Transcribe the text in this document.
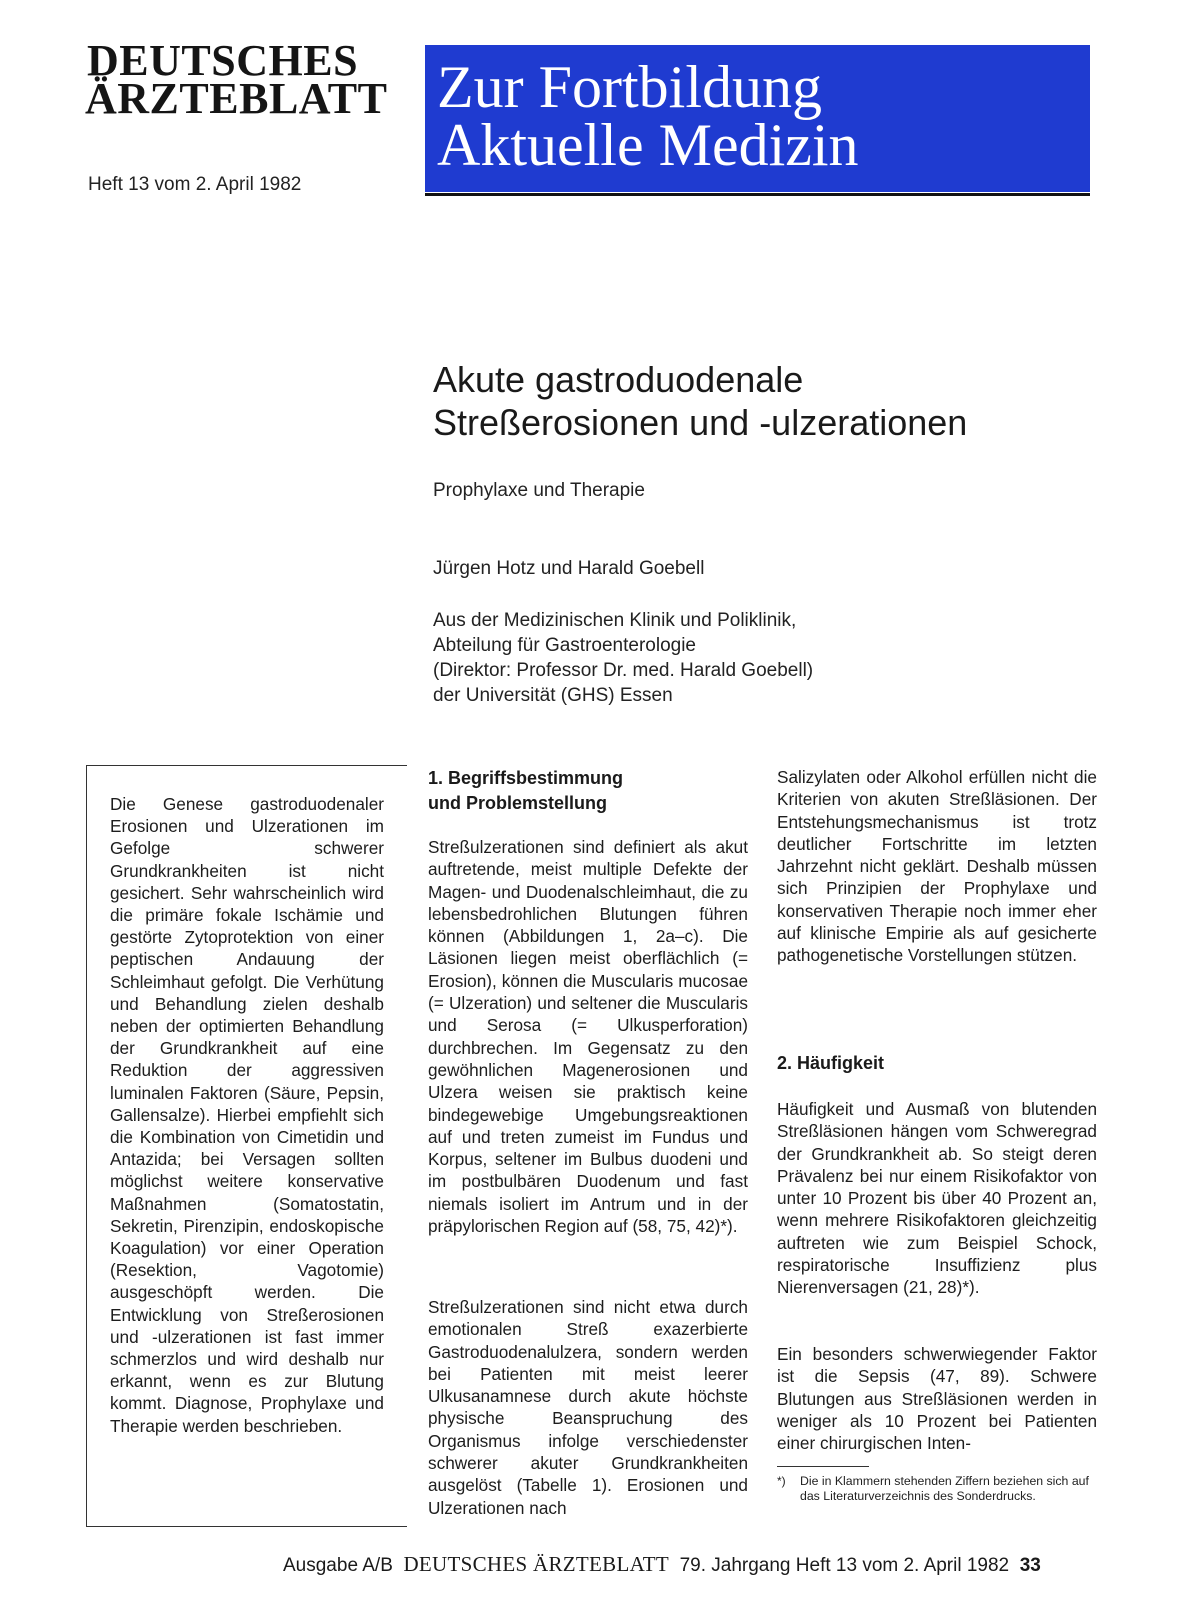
DEUTSCHES
ÄRZTEBLATT
Heft 13 vom 2. April 1982
Zur Fortbildung
Aktuelle Medizin
Akute gastroduodenale
Streßerosionen und -ulzerationen
Prophylaxe und Therapie
Jürgen Hotz und Harald Goebell
Aus der Medizinischen Klinik und Poliklinik,
Abteilung für Gastroenterologie
(Direktor: Professor Dr. med. Harald Goebell)
der Universität (GHS) Essen
Die Genese gastroduodenaler Erosionen und Ulzerationen im Gefolge schwerer Grundkrankheiten ist nicht gesichert. Sehr wahrscheinlich wird die primäre fokale Ischämie und gestörte Zytoprotektion von einer peptischen Andauung der Schleimhaut gefolgt. Die Verhütung und Behandlung zielen deshalb neben der optimierten Behandlung der Grundkrankheit auf eine Reduktion der aggressiven luminalen Faktoren (Säure, Pepsin, Gallensalze). Hierbei empfiehlt sich die Kombination von Cimetidin und Antazida; bei Versagen sollten möglichst weitere konservative Maßnahmen (Somatostatin, Sekretin, Pirenzipin, endoskopische Koagulation) vor einer Operation (Resektion, Vagotomie) ausgeschöpft werden. Die Entwicklung von Streßerosionen und -ulzerationen ist fast immer schmerzlos und wird deshalb nur erkannt, wenn es zur Blutung kommt. Diagnose, Prophylaxe und Therapie werden beschrieben.
1. Begriffsbestimmung
und Problemstellung
Streßulzerationen sind definiert als akut auftretende, meist multiple Defekte der Magen- und Duodenalschleimhaut, die zu lebensbedrohlichen Blutungen führen können (Abbildungen 1, 2a–c). Die Läsionen liegen meist oberflächlich (= Erosion), können die Muscularis mucosae (= Ulzeration) und seltener die Muscularis und Serosa (= Ulkusperforation) durchbrechen. Im Gegensatz zu den gewöhnlichen Magenerosionen und Ulzera weisen sie praktisch keine bindegewebige Umgebungsreaktionen auf und treten zumeist im Fundus und Korpus, seltener im Bulbus duodeni und im postbulbären Duodenum und fast niemals isoliert im Antrum und in der präpylorischen Region auf (58, 75, 42)*).
Streßulzerationen sind nicht etwa durch emotionalen Streß exazerbierte Gastroduodenalulzera, sondern werden bei Patienten mit meist leerer Ulkusanamnese durch akute höchste physische Beanspruchung des Organismus infolge verschiedenster schwerer akuter Grundkrankheiten ausgelöst (Tabelle 1). Erosionen und Ulzerationen nach
Salizylaten oder Alkohol erfüllen nicht die Kriterien von akuten Streßläsionen. Der Entstehungsmechanismus ist trotz deutlicher Fortschritte im letzten Jahrzehnt nicht geklärt. Deshalb müssen sich Prinzipien der Prophylaxe und konservativen Therapie noch immer eher auf klinische Empirie als auf gesicherte pathogenetische Vorstellungen stützen.
2. Häufigkeit
Häufigkeit und Ausmaß von blutenden Streßläsionen hängen vom Schweregrad der Grundkrankheit ab. So steigt deren Prävalenz bei nur einem Risikofaktor von unter 10 Prozent bis über 40 Prozent an, wenn mehrere Risikofaktoren gleichzeitig auftreten wie zum Beispiel Schock, respiratorische Insuffizienz plus Nierenversagen (21, 28)*).
Ein besonders schwerwiegender Faktor ist die Sepsis (47, 89). Schwere Blutungen aus Streßläsionen werden in weniger als 10 Prozent bei Patienten einer chirurgischen Inten-
*) Die in Klammern stehenden Ziffern beziehen sich auf das Literaturverzeichnis des Sonderdrucks.
Ausgabe A/B DEUTSCHES ÄRZTEBLATT 79. Jahrgang Heft 13 vom 2. April 1982 33
